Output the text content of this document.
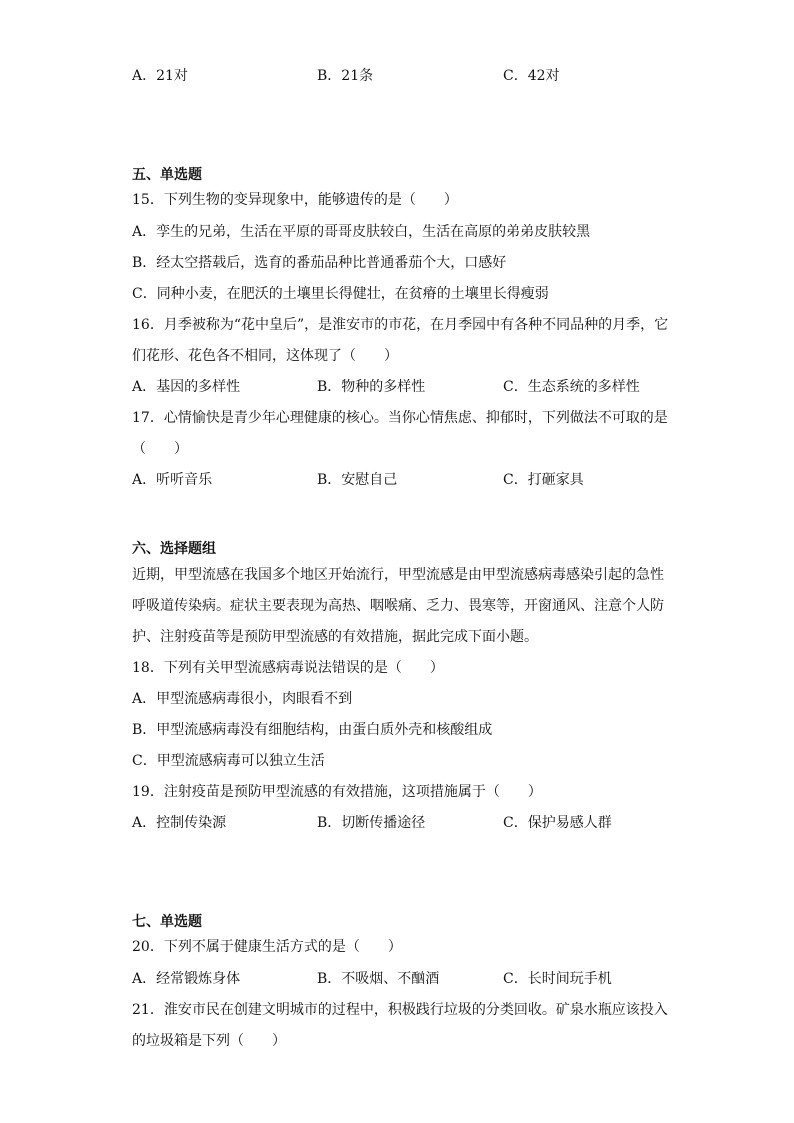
A．21对	B．21条	C．42对
五、单选题
15．下列生物的变异现象中，能够遗传的是（　　）
A．孪生的兄弟，生活在平原的哥哥皮肤较白，生活在高原的弟弟皮肤较黑
B．经太空搭载后，选育的番茄品种比普通番茄个大，口感好
C．同种小麦，在肥沃的土壤里长得健壮，在贫瘠的土壤里长得瘦弱
16．月季被称为“花中皇后”，是淮安市的市花，在月季园中有各种不同品种的月季，它
们花形、花色各不相同，这体现了（　　）
A．基因的多样性	B．物种的多样性	C．生态系统的多样性
17．心情愉快是青少年心理健康的核心。当你心情焦虑、抑郁时，下列做法不可取的是
（　　）
A．听听音乐	B．安慰自己	C．打砸家具
六、选择题组
近期，甲型流感在我国多个地区开始流行，甲型流感是由甲型流感病毒感染引起的急性
呼吸道传染病。症状主要表现为高热、咽喉痛、乏力、畏寒等，开窗通风、注意个人防
护、注射疫苗等是预防甲型流感的有效措施，据此完成下面小题。
18．下列有关甲型流感病毒说法错误的是（　　）
A．甲型流感病毒很小，肉眼看不到
B．甲型流感病毒没有细胞结构，由蛋白质外壳和核酸组成
C．甲型流感病毒可以独立生活
19．注射疫苗是预防甲型流感的有效措施，这项措施属于（　　）
A．控制传染源	B．切断传播途径	C．保护易感人群
七、单选题
20．下列不属于健康生活方式的是（　　）
A．经常锻炼身体	B．不吸烟、不酗酒	C．长时间玩手机
21．淮安市民在创建文明城市的过程中，积极践行垃圾的分类回收。矿泉水瓶应该投入
的垃圾箱是下列（　　）
